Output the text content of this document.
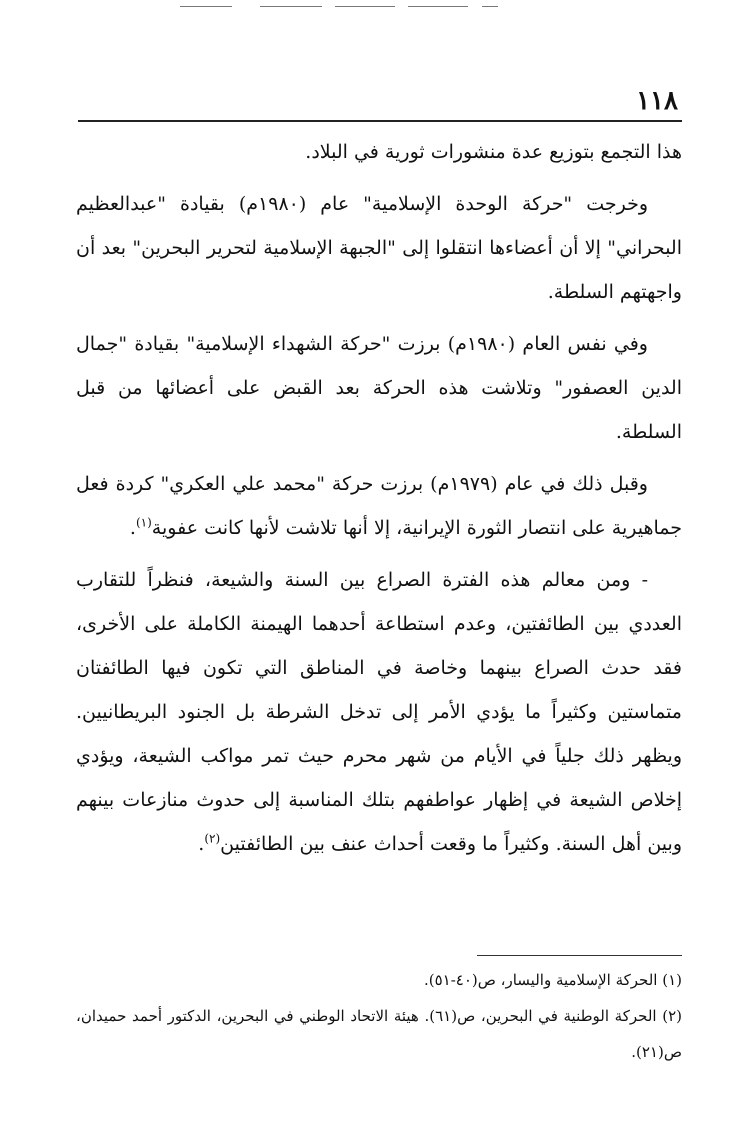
١١٨

هذا التجمع بتوزيع عدة منشورات ثورية في البلاد.

وخرجت "حركة الوحدة الإسلامية" عام (١٩٨٠م) بقيادة "عبدالعظيم البحراني" إلا أن أعضاءها انتقلوا إلى "الجبهة الإسلامية لتحرير البحرين" بعد أن واجهتهم السلطة.

وفي نفس العام (١٩٨٠م) برزت "حركة الشهداء الإسلامية" بقيادة "جمال الدين العصفور" وتلاشت هذه الحركة بعد القبض على أعضائها من قبل السلطة.

وقبل ذلك في عام (١٩٧٩م) برزت حركة "محمد علي العكري" كردة فعل جماهيرية على انتصار الثورة الإيرانية، إلا أنها تلاشت لأنها كانت عفوية$^{(١)}$.

- ومن معالم هذه الفترة الصراع بين السنة والشيعة، فنظراً للتقارب العددي بين الطائفتين، وعدم استطاعة أحدهما الهيمنة الكاملة على الأخرى، فقد حدث الصراع بينهما وخاصة في المناطق التي تكون فيها الطائفتان متماستين وكثيراً ما يؤدي الأمر إلى تدخل الشرطة بل الجنود البريطانيين. ويظهر ذلك جلياً في الأيام من شهر محرم حيث تمر مواكب الشيعة، ويؤدي إخلاص الشيعة في إظهار عواطفهم بتلك المناسبة إلى حدوث منازعات بينهم وبين أهل السنة. وكثيراً ما وقعت أحداث عنف بين الطائفتين$^{(٢)}$.

(١) الحركة الإسلامية واليسار، ص(٤٠-٥١).

(٢) الحركة الوطنية في البحرين، ص(٦١). هيئة الاتحاد الوطني في البحرين، الدكتور أحمد حميدان، ص(٢١).
